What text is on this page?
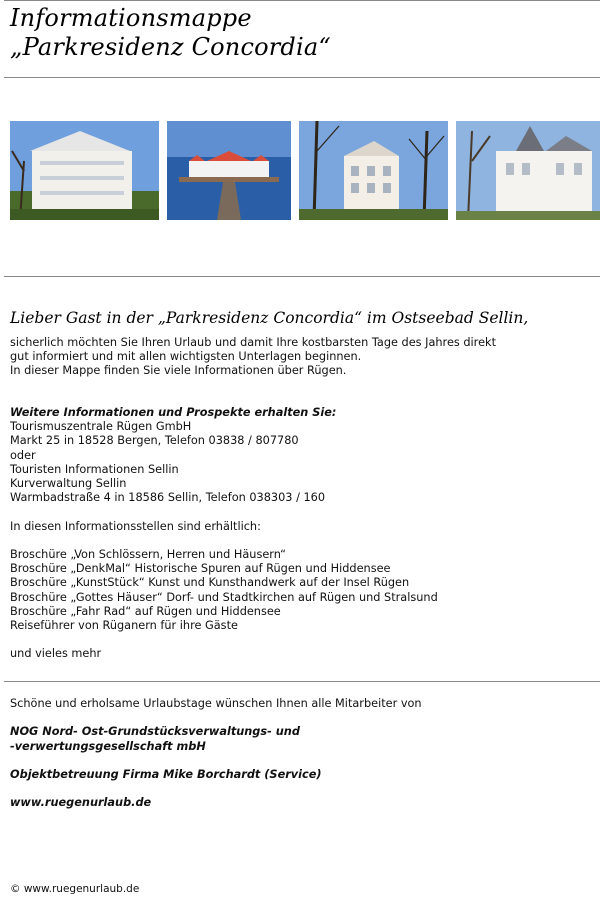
Informationsmappe
„Parkresidenz Concordia“
Lieber Gast in der „Parkresidenz Concordia“ im Ostseebad Sellin,
sicherlich möchten Sie Ihren Urlaub und damit Ihre kostbarsten Tage des Jahres direkt
gut informiert und mit allen wichtigsten Unterlagen beginnen.
In dieser Mappe finden Sie viele Informationen über Rügen.
Weitere Informationen und Prospekte erhalten Sie:
Tourismuszentrale Rügen GmbH
Markt 25 in 18528 Bergen, Telefon 03838 / 807780
oder
Touristen Informationen Sellin
Kurverwaltung Sellin
Warmbadstraße 4 in 18586 Sellin, Telefon 038303 / 160
In diesen Informationsstellen sind erhältlich:
Broschüre „Von Schlössern, Herren und Häusern“
Broschüre „DenkMal“ Historische Spuren auf Rügen und Hiddensee
Broschüre „KunstStück“ Kunst und Kunsthandwerk auf der Insel Rügen
Broschüre „Gottes Häuser“ Dorf- und Stadtkirchen auf Rügen und Stralsund
Broschüre „Fahr Rad“ auf Rügen und Hiddensee
Reiseführer von Rüganern für ihre Gäste
und vieles mehr
Schöne und erholsame Urlaubstage wünschen Ihnen alle Mitarbeiter von
NOG Nord- Ost-Grundstücksverwaltungs- und
-verwertungsgesellschaft mbH
Objektbetreuung Firma Mike Borchardt (Service)
www.ruegenurlaub.de
© www.ruegenurlaub.de
